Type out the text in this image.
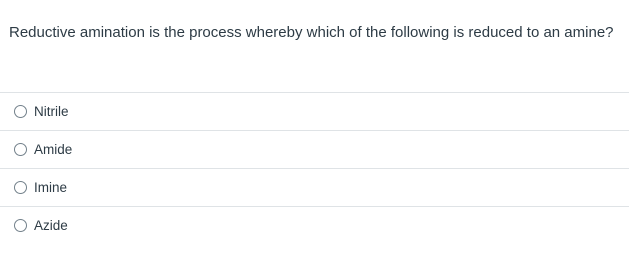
Reductive amination is the process whereby which of the following is reduced to an amine?
Nitrile
Amide
Imine
Azide
